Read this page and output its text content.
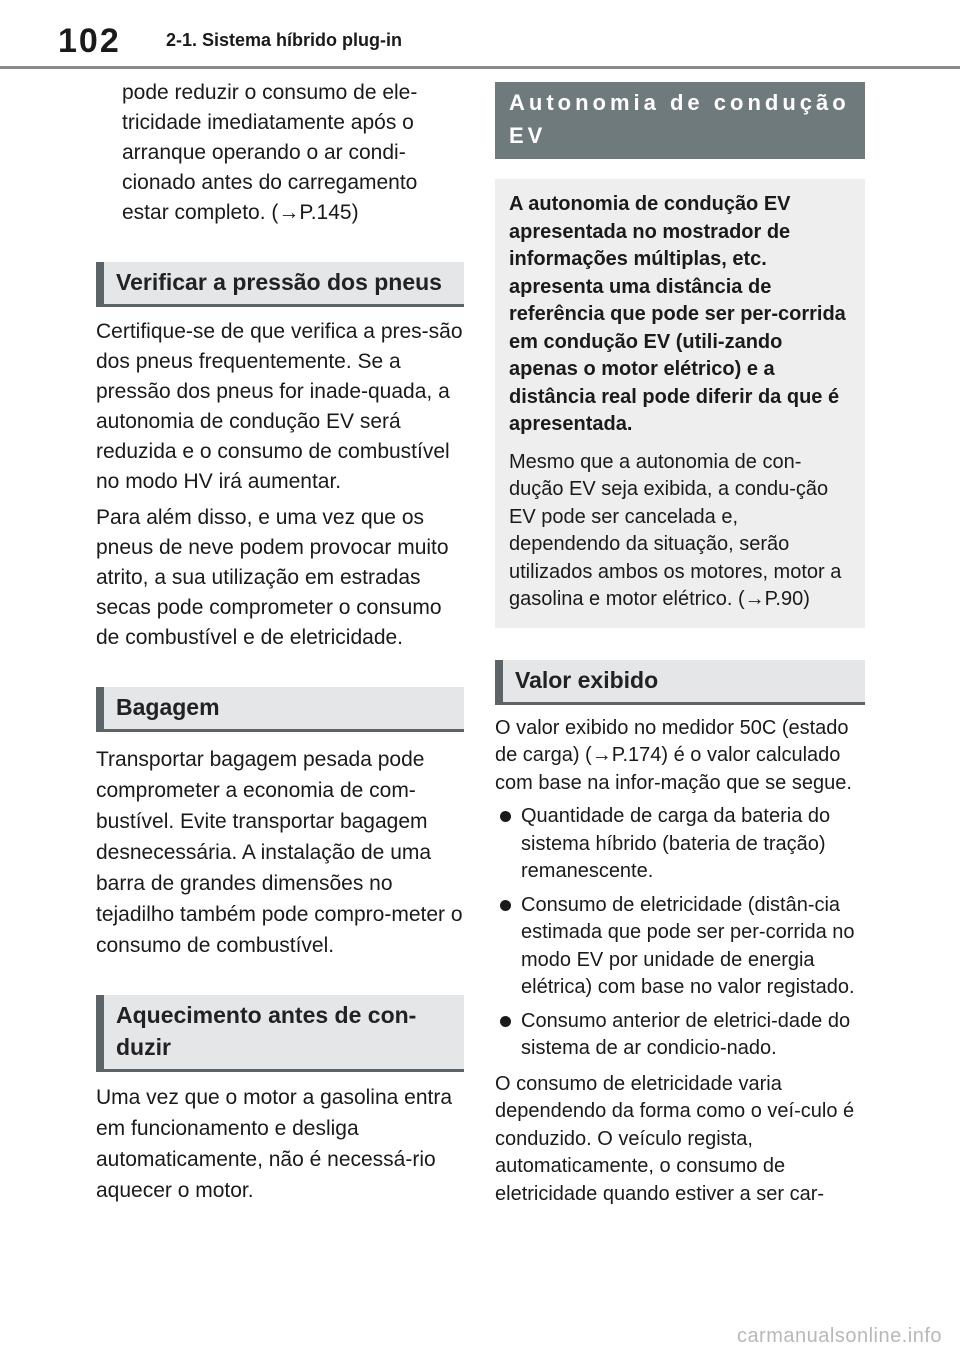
102	2-1. Sistema híbrido plug-in

pode reduzir o consumo de ele-tricidade imediatamente após o arranque operando o ar condi-cionado antes do carregamento estar completo. (→P.145)

Verificar a pressão dos pneus

Certifique-se de que verifica a pres-são dos pneus frequentemente. Se a pressão dos pneus for inade-quada, a autonomia de condução EV será reduzida e o consumo de combustível no modo HV irá aumentar.

Para além disso, e uma vez que os pneus de neve podem provocar muito atrito, a sua utilização em estradas secas pode comprometer o consumo de combustível e de eletricidade.

Bagagem

Transportar bagagem pesada pode comprometer a economia de com-bustível. Evite transportar bagagem desnecessária. A instalação de uma barra de grandes dimensões no tejadilho também pode compro-meter o consumo de combustível.

Aquecimento antes de con-duzir

Uma vez que o motor a gasolina entra em funcionamento e desliga automaticamente, não é necessá-rio aquecer o motor.

Autonomia de condução EV

A autonomia de condução EV apresentada no mostrador de informações múltiplas, etc. apresenta uma distância de referência que pode ser per-corrida em condução EV (utili-zando apenas o motor elétrico) e a distância real pode diferir da que é apresentada.

Mesmo que a autonomia de con-dução EV seja exibida, a condu-ção EV pode ser cancelada e, dependendo da situação, serão utilizados ambos os motores, motor a gasolina e motor elétrico. (→P.90)

Valor exibido

O valor exibido no medidor 50C (estado de carga) (→P.174) é o valor calculado com base na infor-mação que se segue.

Quantidade de carga da bateria do sistema híbrido (bateria de tração) remanescente.

Consumo de eletricidade (distân-cia estimada que pode ser per-corrida no modo EV por unidade de energia elétrica) com base no valor registado.

Consumo anterior de eletrici-dade do sistema de ar condicio-nado.

O consumo de eletricidade varia dependendo da forma como o veí-culo é conduzido. O veículo regista, automaticamente, o consumo de eletricidade quando estiver a ser car-

carmanualsonline.info
